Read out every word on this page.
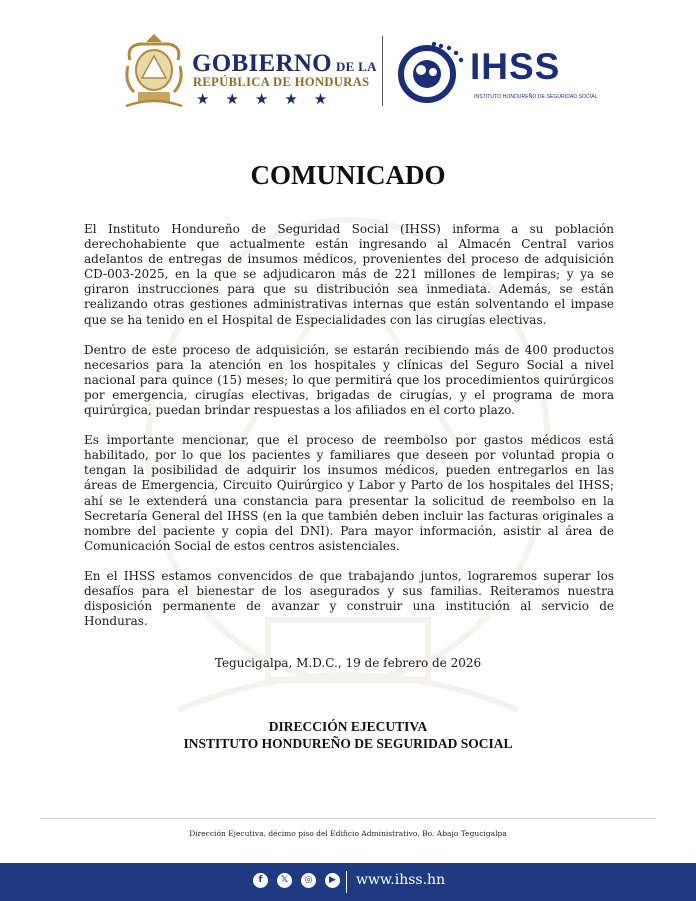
GOBIERNO DE LA
REPÚBLICA DE HONDURAS
★★★★★
IHSS
INSTITUTO HONDUREÑO DE SEGURIDAD SOCIAL
COMUNICADO

El Instituto Hondureño de Seguridad Social (IHSS) informa a su población derechohabiente que actualmente están ingresando al Almacén Central varios adelantos de entregas de insumos médicos, provenientes del proceso de adquisición CD-003-2025, en la que se adjudicaron más de 221 millones de lempiras; y ya se giraron instrucciones para que su distribución sea inmediata. Además, se están realizando otras gestiones administrativas internas que están solventando el impase que se ha tenido en el Hospital de Especialidades con las cirugías electivas.

Dentro de este proceso de adquisición, se estarán recibiendo más de 400 productos necesarios para la atención en los hospitales y clínicas del Seguro Social a nivel nacional para quince (15) meses; lo que permitirá que los procedimientos quirúrgicos por emergencia, cirugías electivas, brigadas de cirugías, y el programa de mora quirúrgica, puedan brindar respuestas a los afiliados en el corto plazo.

Es importante mencionar, que el proceso de reembolso por gastos médicos está habilitado, por lo que los pacientes y familiares que deseen por voluntad propia o tengan la posibilidad de adquirir los insumos médicos, pueden entregarlos en las áreas de Emergencia, Circuito Quirúrgico y Labor y Parto de los hospitales del IHSS; ahí se le extenderá una constancia para presentar la solicitud de reembolso en la Secretaría General del IHSS (en la que también deben incluir las facturas originales a nombre del paciente y copia del DNI). Para mayor información, asistir al área de Comunicación Social de estos centros asistenciales.

En el IHSS estamos convencidos de que trabajando juntos, lograremos superar los desafíos para el bienestar de los asegurados y sus familias. Reiteramos nuestra disposición permanente de avanzar y construir una institución al servicio de Honduras.

Tegucigalpa, M.D.C., 19 de febrero de 2026
DIRECCIÓN EJECUTIVA
INSTITUTO HONDUREÑO DE SEGURIDAD SOCIAL
Dirección Ejecutiva, décimo piso del Edificio Administrativo, Bo. Abajo Tegucigalpa
f	𝕏	◎	▶ www.ihss.hn
